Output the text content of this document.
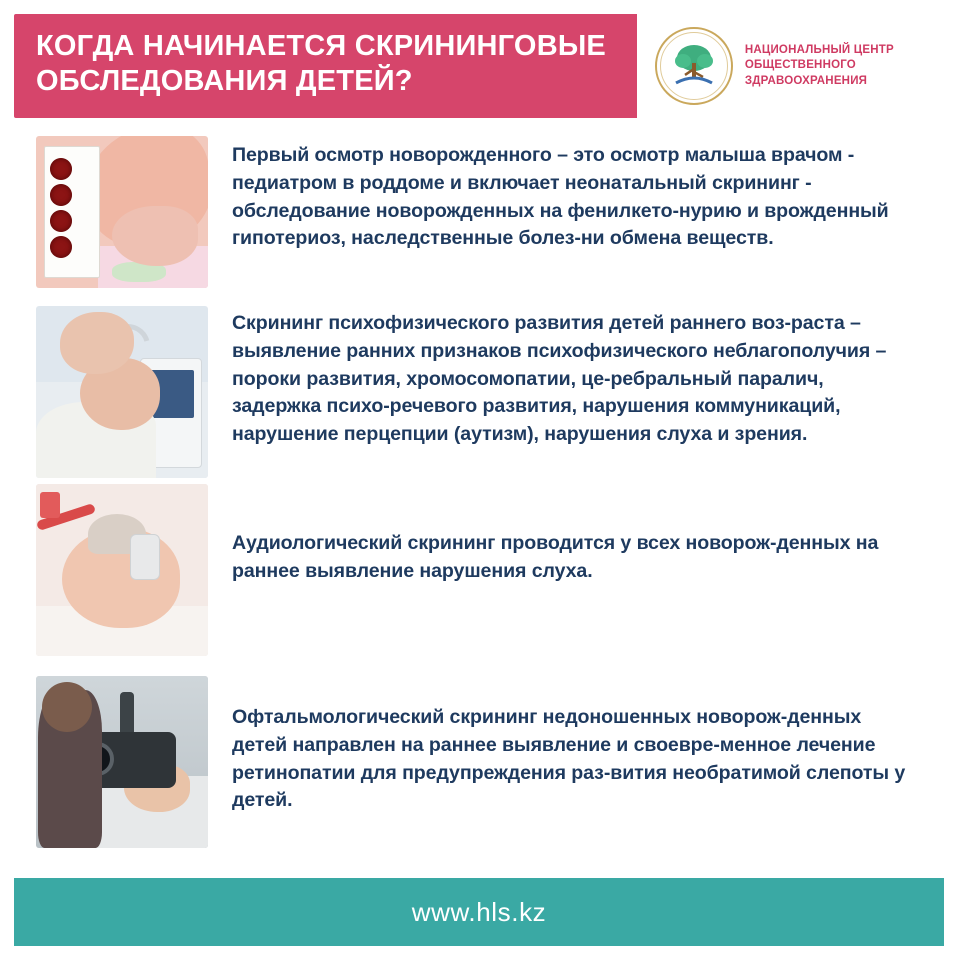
КОГДА НАЧИНАЕТСЯ СКРИНИНГОВЫЕ ОБСЛЕДОВАНИЯ ДЕТЕЙ?
НАЦИОНАЛЬНЫЙ ЦЕНТР ОБЩЕСТВЕННОГО ЗДРАВООХРАНЕНИЯ
Первый осмотр новорожденного – это осмотр малыша врачом - педиатром в роддоме и включает неонатальный скрининг - обследование новорожденных на фенилкето-нурию и врожденный гипотериоз, наследственные болез-ни обмена веществ.
Скрининг психофизического развития детей раннего воз-раста – выявление ранних признаков психофизического неблагополучия – пороки развития, хромосомопатии, це-ребральный паралич, задержка психо-речевого развития, нарушения коммуникаций, нарушение перцепции (аутизм), нарушения слуха и зрения.
Аудиологический скрининг проводится у всех новорож-денных на раннее выявление нарушения слуха.
Офтальмологический скрининг недоношенных новорож-денных детей направлен на раннее выявление и своевре-менное лечение ретинопатии для предупреждения раз-вития необратимой слепоты у детей.
www.hls.kz
